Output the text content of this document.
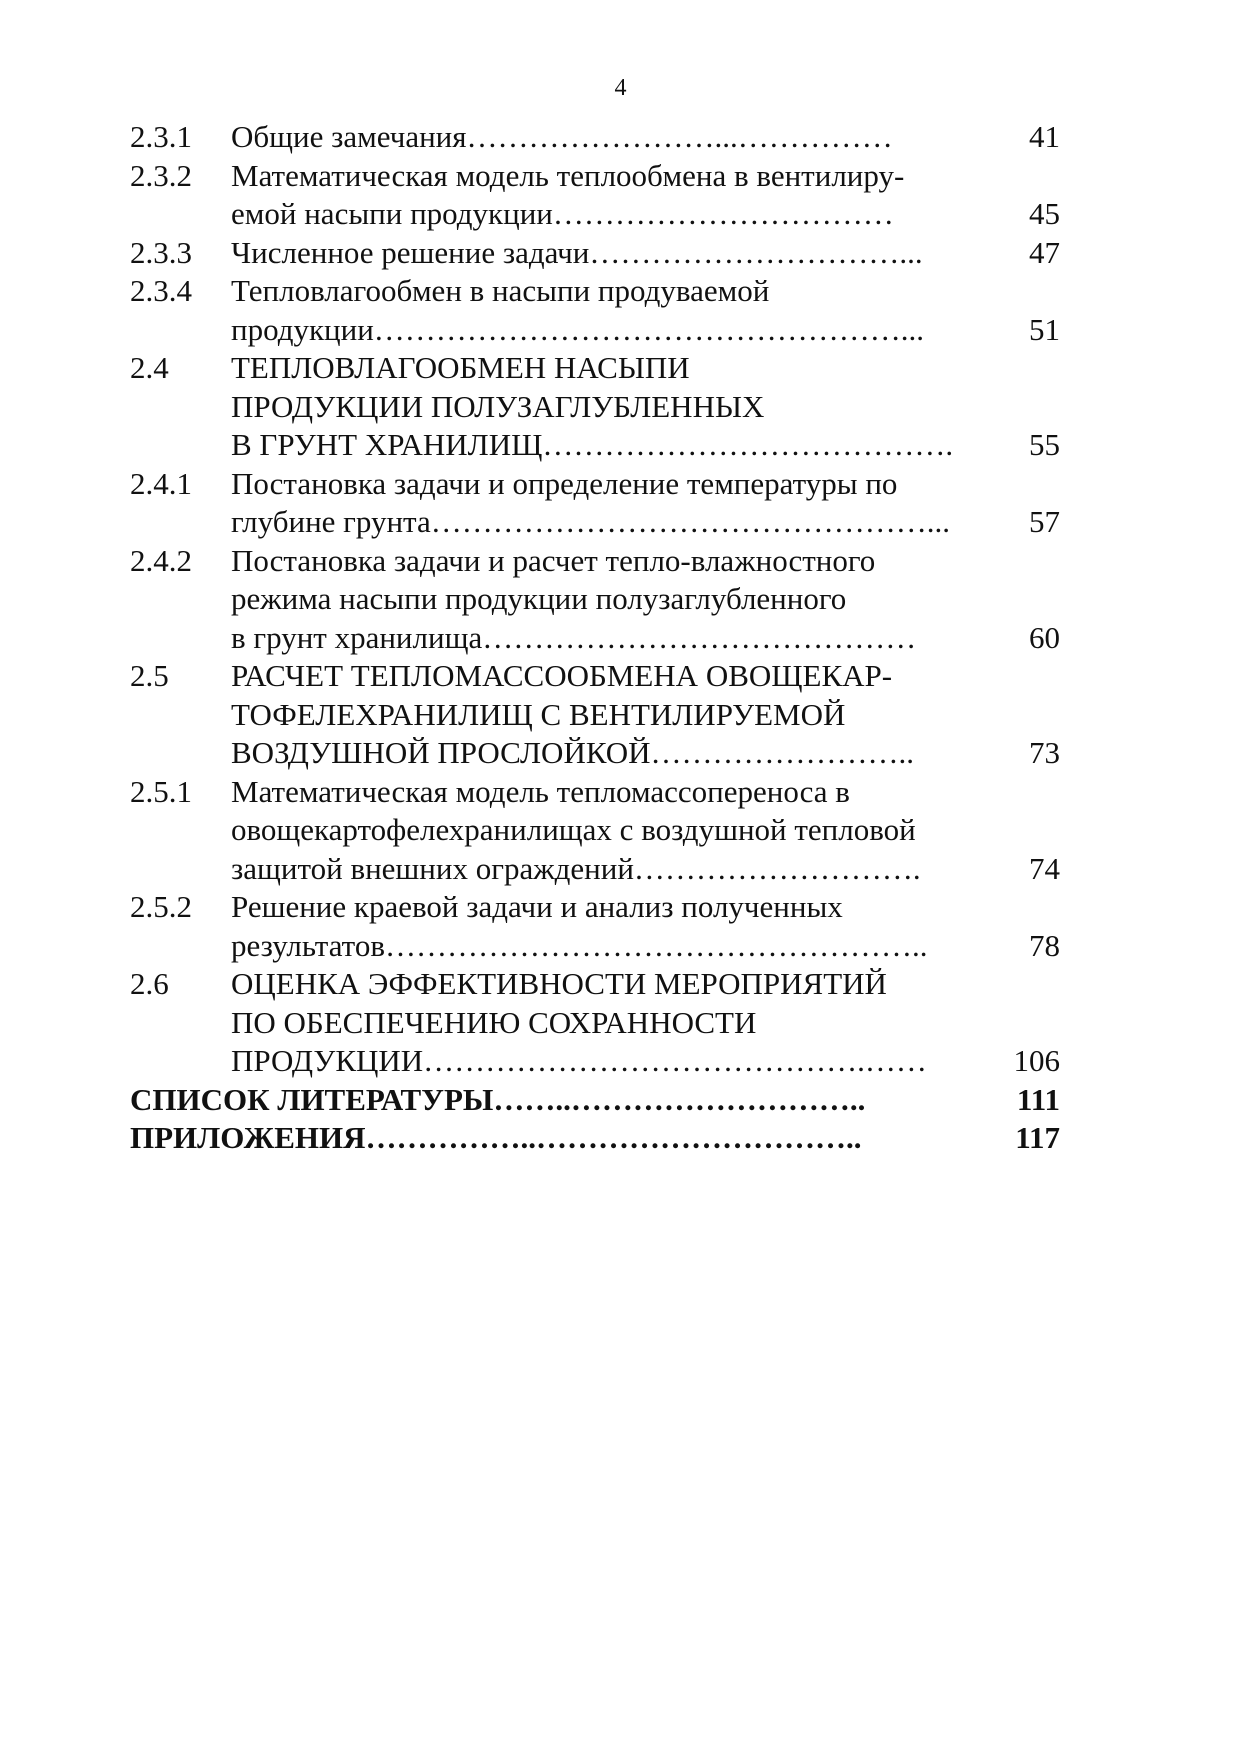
4
2.3.1 Общие замечания……………………...……………	41
2.3.2 Математическая модель теплообмена в вентилиру-
емой насыпи продукции……………………………	45
2.3.3 Численное решение задачи…………………………...	47
2.3.4 Тепловлагообмен в насыпи продуваемой
продукции……………………………………………...	51
2.4 ТЕПЛОВЛАГООБМЕН НАСЫПИ
ПРОДУКЦИИ ПОЛУЗАГЛУБЛЕННЫХ
В ГРУНТ ХРАНИЛИЩ…………………………………. 55
2.4.1 Постановка задачи и определение температуры по
глубине грунта…………………………………………...	57
2.4.2 Постановка задачи и расчет тепло-влажностного
режима насыпи продукции полузаглубленного
в грунт хранилища……………………………………	60
2.5 РАСЧЕТ ТЕПЛОМАССООБМЕНА ОВОЩЕКАР-
ТОФЕЛЕХРАНИЛИЩ С ВЕНТИЛИРУЕМОЙ
ВОЗДУШНОЙ ПРОСЛОЙКОЙ……………………..	73
2.5.1 Математическая модель тепломассопереноса в
овощекартофелехранилищах с воздушной тепловой
защитой внешних ограждений……………………….	74
2.5.2 Решение краевой задачи и анализ полученных
результатов……………………………………………..	78
2.6 ОЦЕНКА ЭФФЕКТИВНОСТИ МЕРОПРИЯТИЙ
ПО ОБЕСПЕЧЕНИЮ СОХРАННОСТИ
ПРОДУКЦИИ…………………………………….……	106
СПИСОК ЛИТЕРАТУРЫ……..………………………..	111
ПРИЛОЖЕНИЯ……………..…………………………..	117
